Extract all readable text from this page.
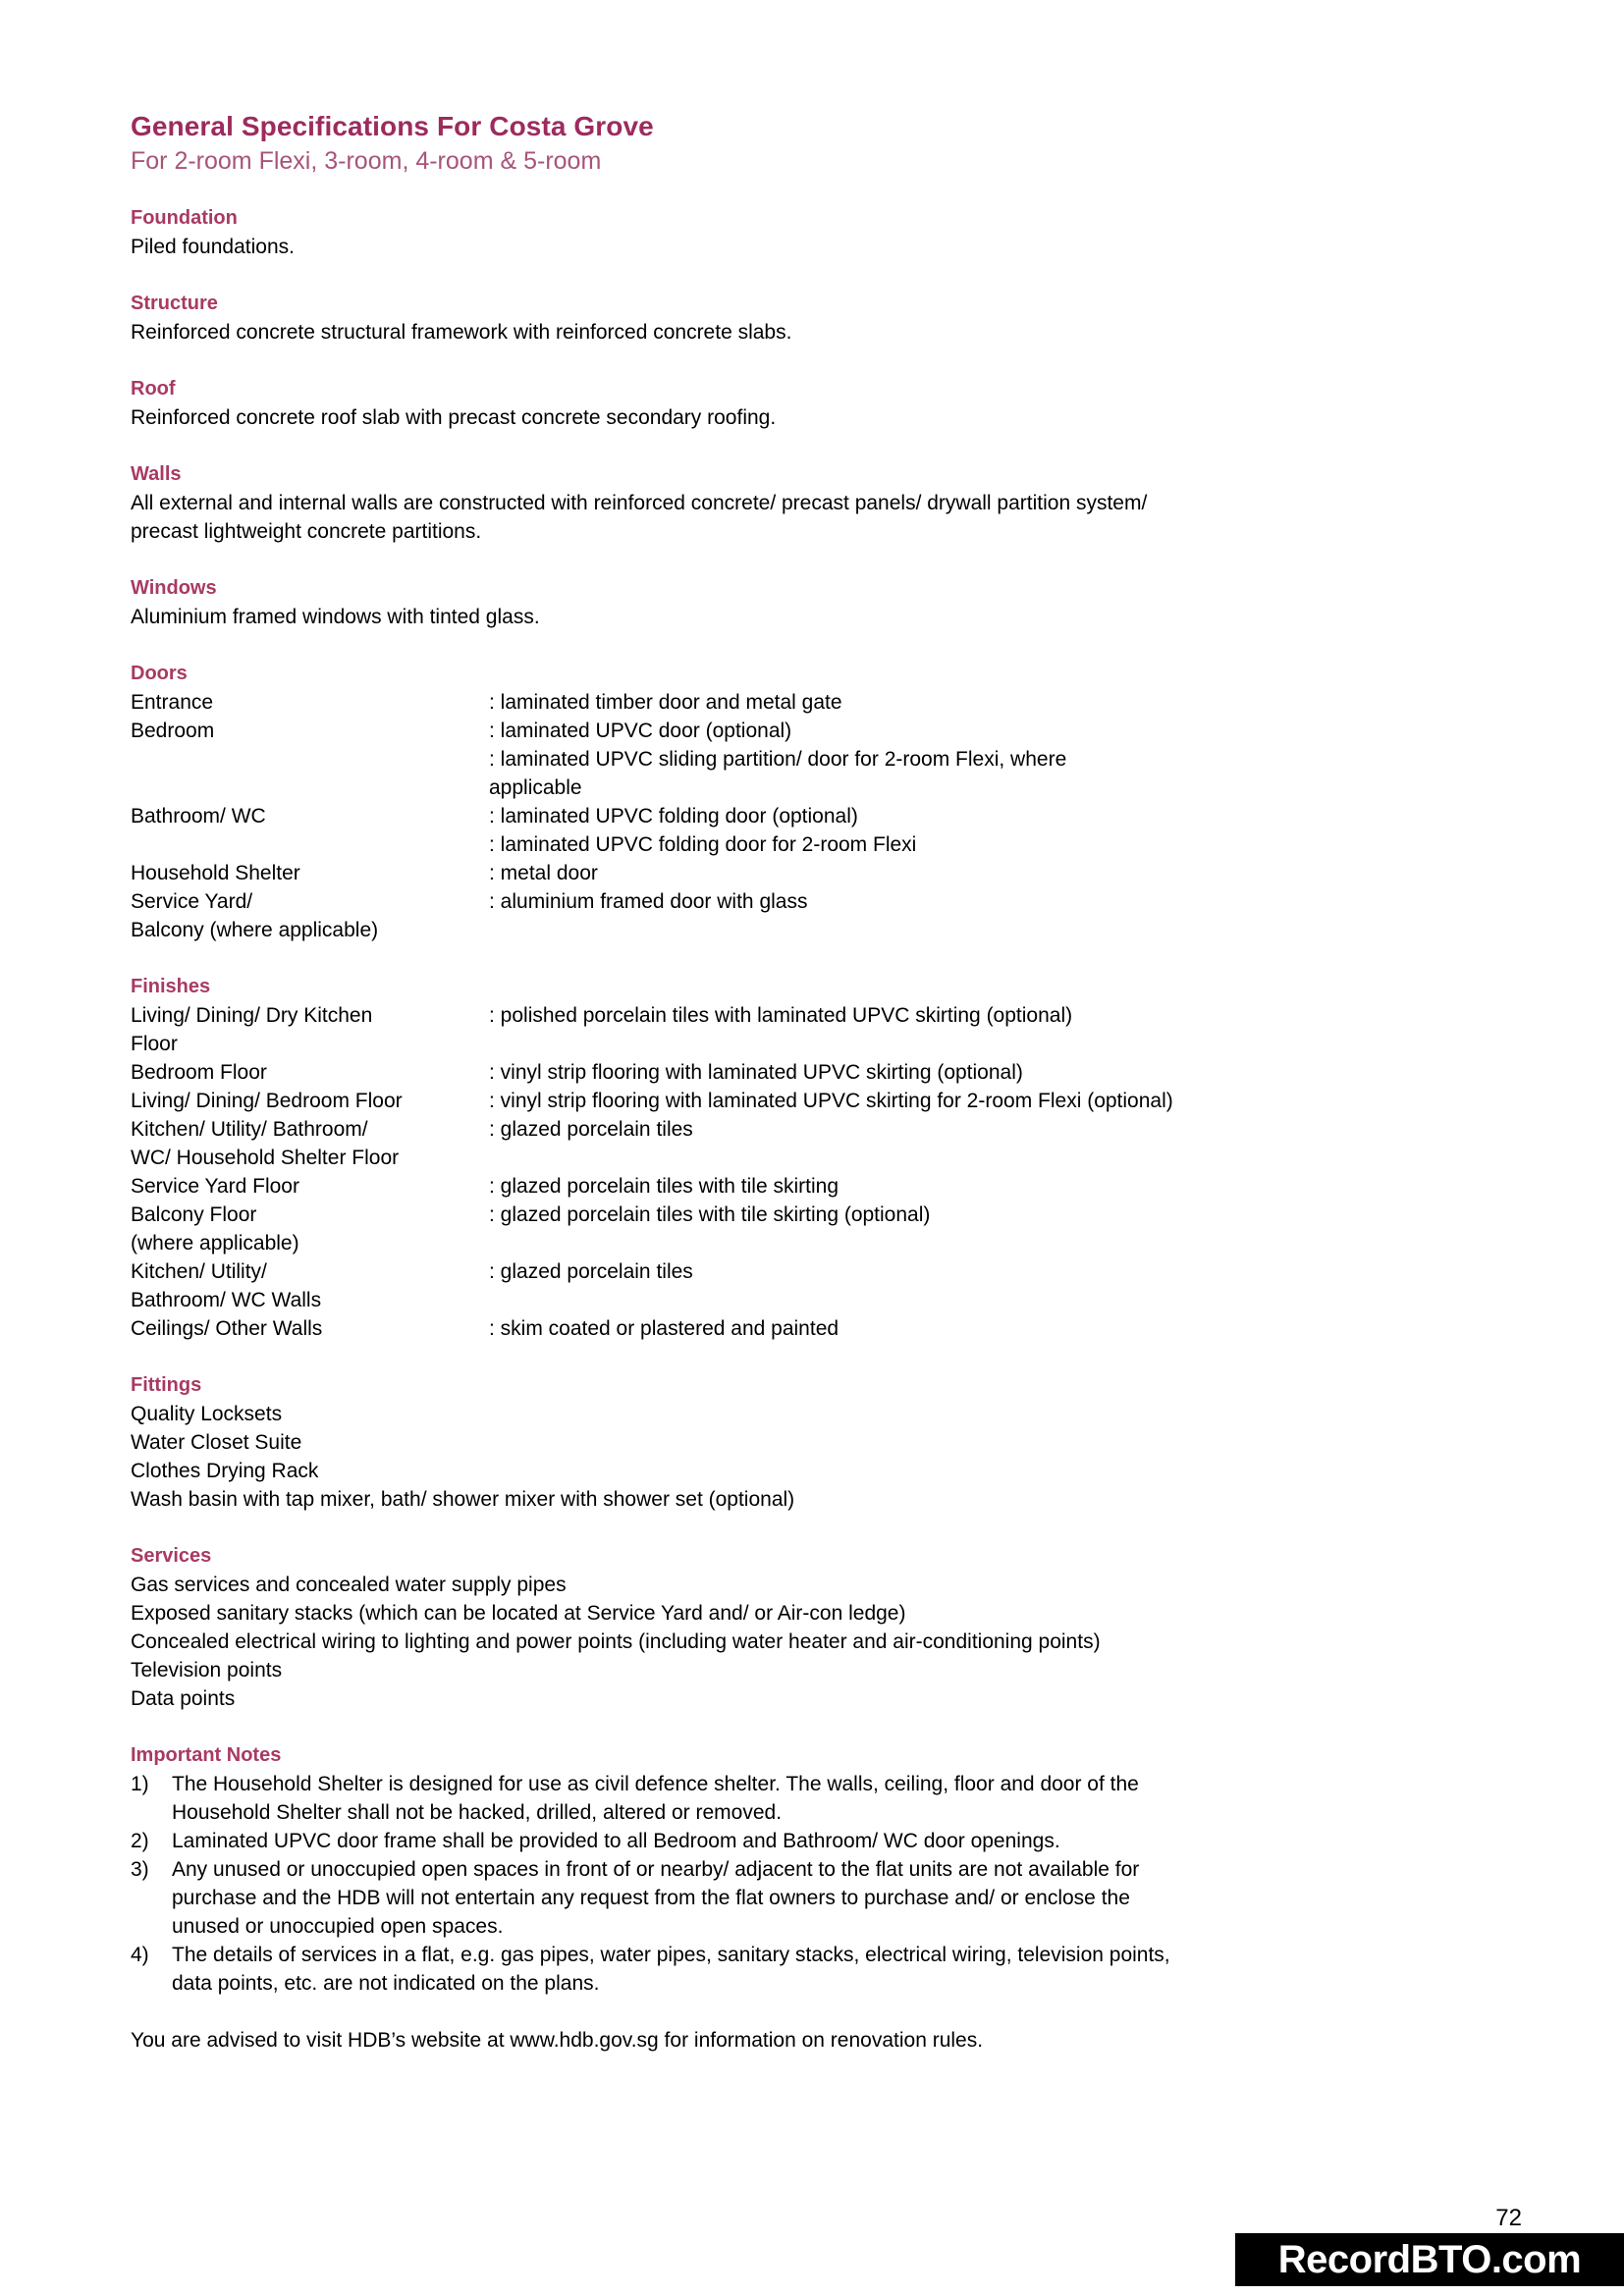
General Specifications For Costa Grove
For 2-room Flexi, 3-room, 4-room & 5-room
Foundation

Piled foundations.

Structure

Reinforced concrete structural framework with reinforced concrete slabs.

Roof

Reinforced concrete roof slab with precast concrete secondary roofing.

Walls

All external and internal walls are constructed with reinforced concrete/ precast panels/ drywall partition system/

precast lightweight concrete partitions.

Windows

Aluminium framed windows with tinted glass.

Doors
Entrance	: laminated timber door and metal gate
Bedroom	: laminated UPVC door (optional)
	: laminated UPVC sliding partition/ door for 2-room Flexi, where
	applicable
Bathroom/ WC	: laminated UPVC folding door (optional)
	: laminated UPVC folding door for 2-room Flexi
Household Shelter	: metal door
Service Yard/	: aluminium framed door with glass
Balcony (where applicable)	
Finishes
Living/ Dining/ Dry Kitchen	: polished porcelain tiles with laminated UPVC skirting (optional)
Floor	
Bedroom Floor	: vinyl strip flooring with laminated UPVC skirting (optional)
Living/ Dining/ Bedroom Floor	: vinyl strip flooring with laminated UPVC skirting for 2-room Flexi (optional)
Kitchen/ Utility/ Bathroom/	: glazed porcelain tiles
WC/ Household Shelter Floor	
Service Yard Floor	: glazed porcelain tiles with tile skirting
Balcony Floor	: glazed porcelain tiles with tile skirting (optional)
(where applicable)	
Kitchen/ Utility/	: glazed porcelain tiles
Bathroom/ WC Walls	
Ceilings/ Other Walls	: skim coated or plastered and painted
Fittings

Quality Locksets

Water Closet Suite

Clothes Drying Rack

Wash basin with tap mixer, bath/ shower mixer with shower set (optional)

Services

Gas services and concealed water supply pipes

Exposed sanitary stacks (which can be located at Service Yard and/ or Air-con ledge)

Concealed electrical wiring to lighting and power points (including water heater and air-conditioning points)

Television points

Data points

Important Notes
1)	The Household Shelter is designed for use as civil defence shelter. The walls, ceiling, floor and door of the
Household Shelter shall not be hacked, drilled, altered or removed.
2)	Laminated UPVC door frame shall be provided to all Bedroom and Bathroom/ WC door openings.
3)	Any unused or unoccupied open spaces in front of or nearby/ adjacent to the flat units are not available for
purchase and the HDB will not entertain any request from the flat owners to purchase and/ or enclose the
unused or unoccupied open spaces.
4)	The details of services in a flat, e.g. gas pipes, water pipes, sanitary stacks, electrical wiring, television points,
data points, etc. are not indicated on the plans.

You are advised to visit HDB’s website at www.hdb.gov.sg for information on renovation rules.

72
RecordBTO.com
